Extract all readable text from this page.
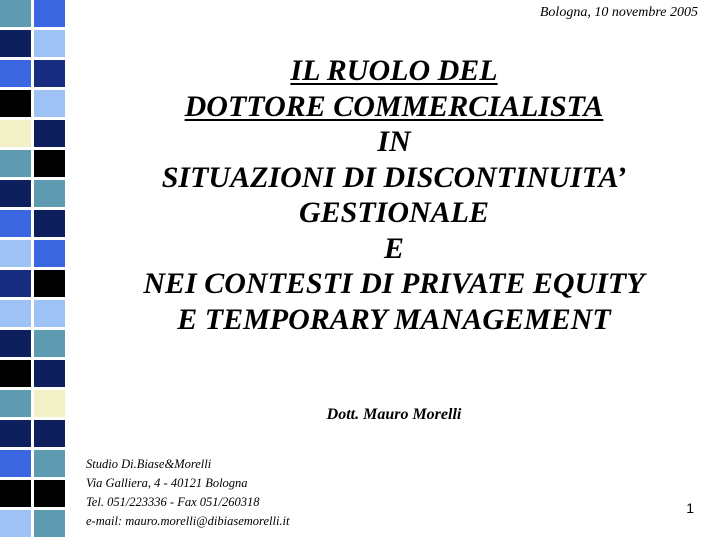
Bologna, 10 novembre 2005
IL RUOLO DEL
DOTTORE COMMERCIALISTA
IN
SITUAZIONI DI DISCONTINUITA’
GESTIONALE
E
NEI CONTESTI DI PRIVATE EQUITY
E TEMPORARY MANAGEMENT
Dott. Mauro Morelli
Studio Di.Biase&Morelli
Via Galliera, 4 - 40121 Bologna
Tel. 051/223336 - Fax 051/260318
e-mail: mauro.morelli@dibiasemorelli.it
1
